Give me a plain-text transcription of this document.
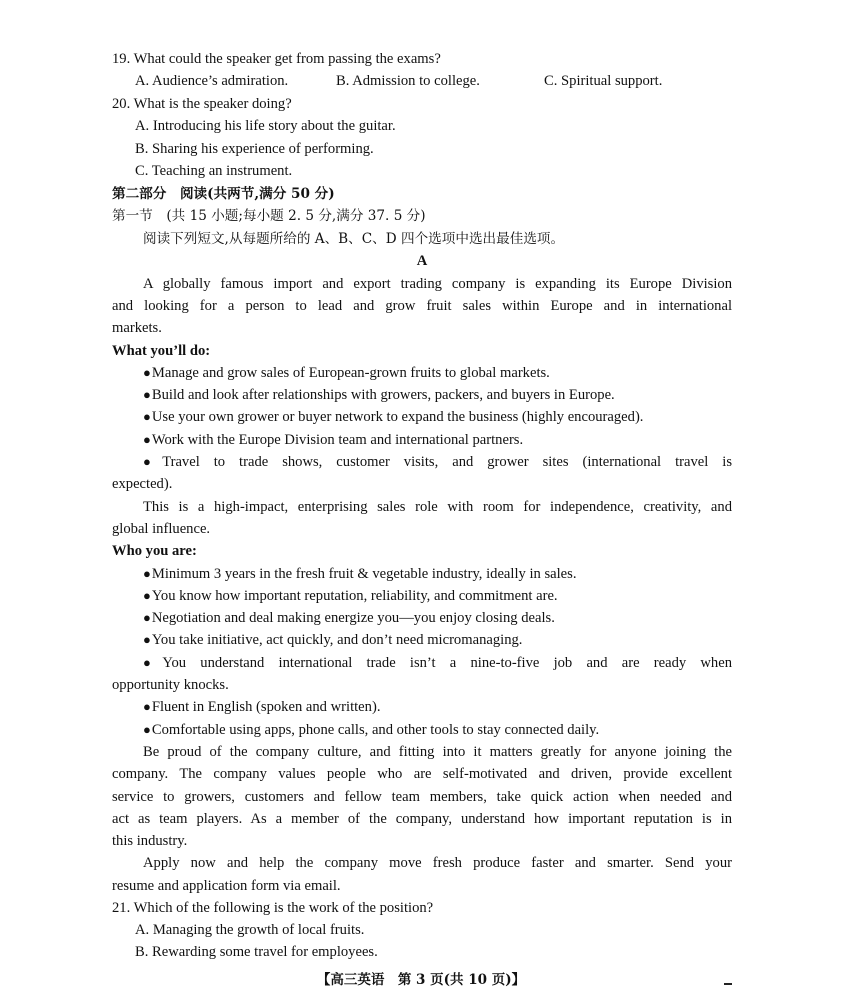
19. What could the speaker get from passing the exams?
A. Audience’s admiration.	B. Admission to college.	C. Spiritual support.
20. What is the speaker doing?
A. Introducing his life story about the guitar.
B. Sharing his experience of performing.
C. Teaching an instrument.
第二部分　阅读(共两节,满分 50 分)
第一节　(共 15 小题;每小题 2. 5 分,满分 37. 5 分)
阅读下列短文,从每题所给的 A、B、C、D 四个选项中选出最佳选项。
A
A globally famous import and export trading company is expanding its Europe Division
and looking for a person to lead and grow fruit sales within Europe and in international
markets.
What you’ll do:
●Manage and grow sales of European-grown fruits to global markets.
●Build and look after relationships with growers, packers, and buyers in Europe.
●Use your own grower or buyer network to expand the business (highly encouraged).
●Work with the Europe Division team and international partners.
●Travel to trade shows, customer visits, and grower sites (international travel is
expected).
This is a high-impact, enterprising sales role with room for independence, creativity, and
global influence.
Who you are:
●Minimum 3 years in the fresh fruit & vegetable industry, ideally in sales.
●You know how important reputation, reliability, and commitment are.
●Negotiation and deal making energize you—you enjoy closing deals.
●You take initiative, act quickly, and don’t need micromanaging.
●You understand international trade isn’t a nine-to-five job and are ready when
opportunity knocks.
●Fluent in English (spoken and written).
●Comfortable using apps, phone calls, and other tools to stay connected daily.
Be proud of the company culture, and fitting into it matters greatly for anyone joining the
company. The company values people who are self-motivated and driven, provide excellent
service to growers, customers and fellow team members, take quick action when needed and
act as team players. As a member of the company, understand how important reputation is in
this industry.
Apply now and help the company move fresh produce faster and smarter. Send your
resume and application form via email.
21. Which of the following is the work of the position?
A. Managing the growth of local fruits.
B. Rewarding some travel for employees.
【高三英语　第 3 页(共 10 页)】
